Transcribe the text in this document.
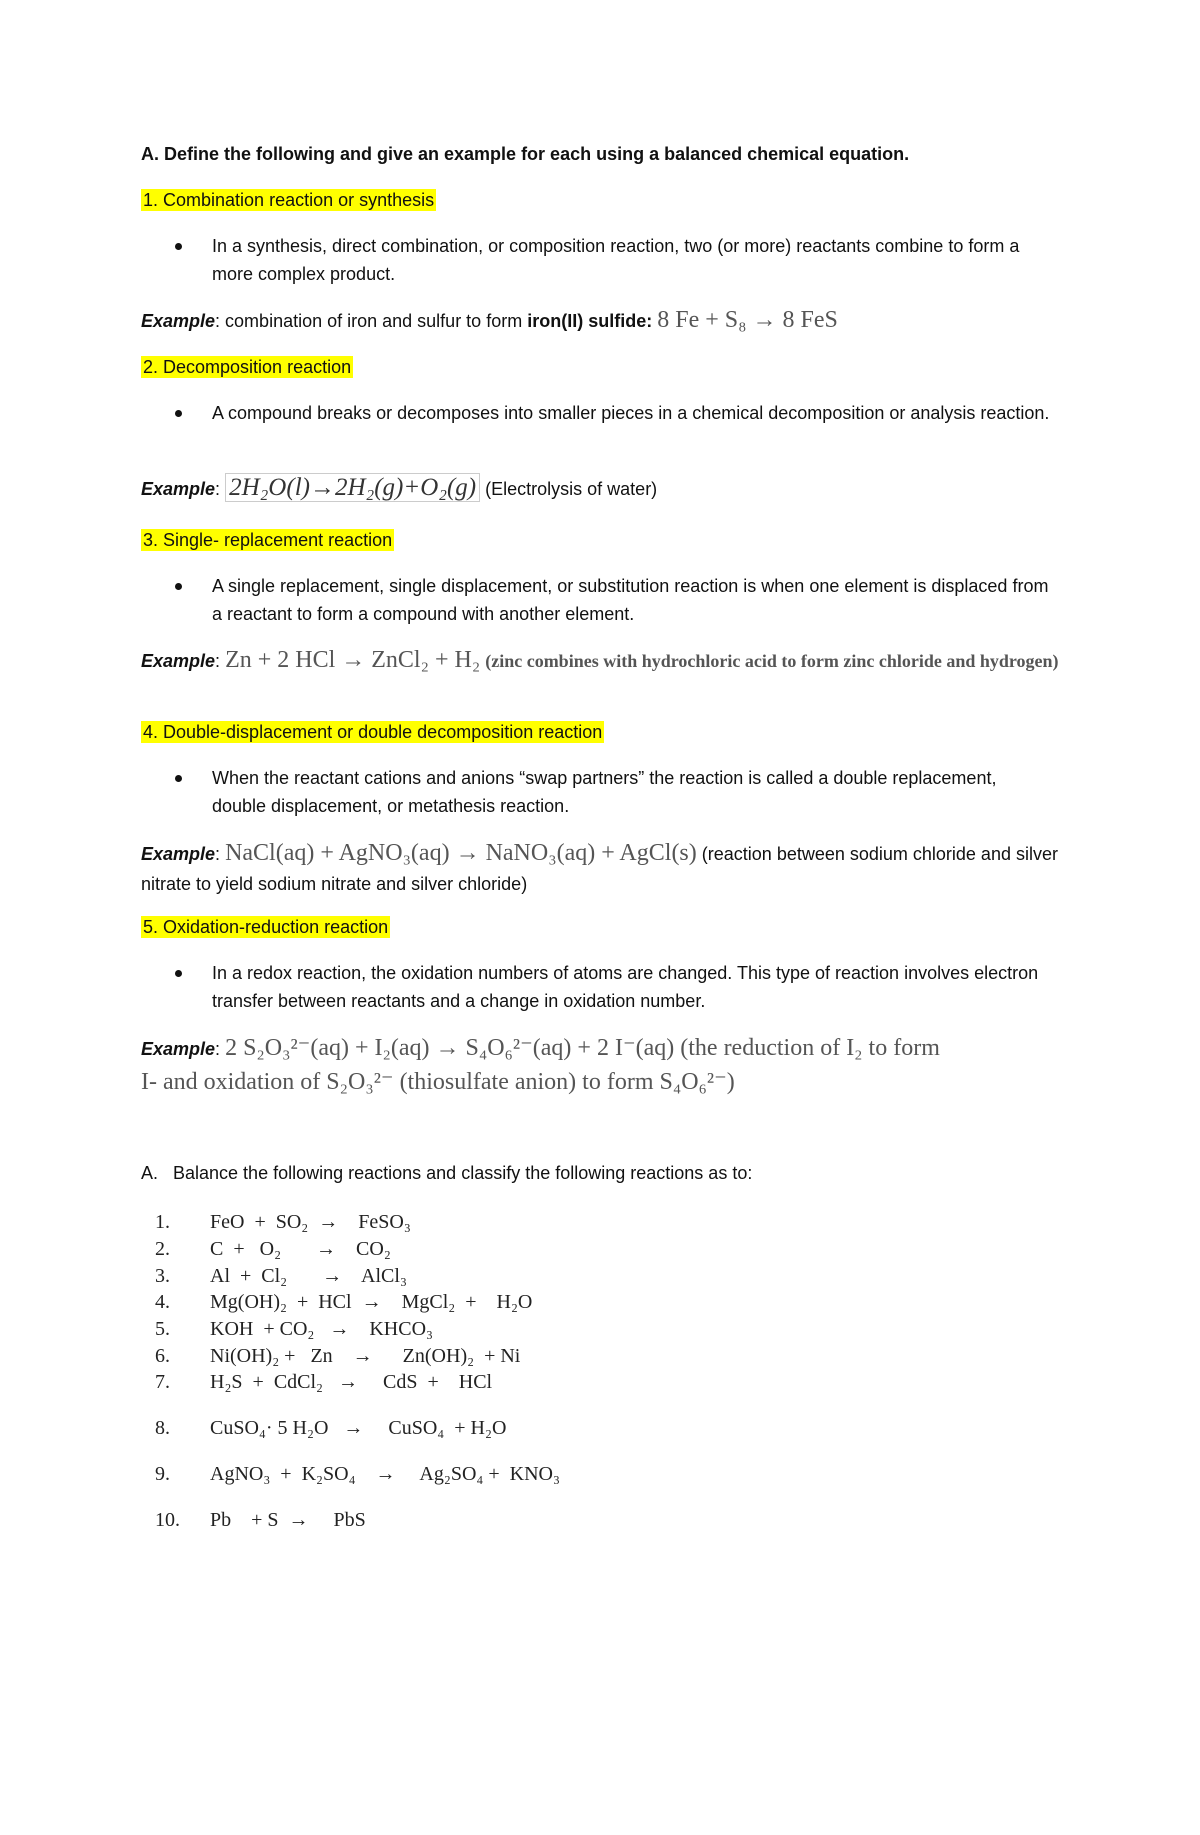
A. Define the following and give an example for each using a balanced chemical equation.
1. Combination reaction or synthesis
In a synthesis, direct combination, or composition reaction, two (or more) reactants combine to form a more complex product.
Example: combination of iron and sulfur to form iron(II) sulfide: 8 Fe + S₈ → 8 FeS
2. Decomposition reaction
A compound breaks or decomposes into smaller pieces in a chemical decomposition or analysis reaction.
Example: 2H₂O(l)→2H₂(g)+O₂(g) (Electrolysis of water)
3. Single- replacement reaction
A single replacement, single displacement, or substitution reaction is when one element is displaced from a reactant to form a compound with another element.
Example: Zn + 2 HCl → ZnCl₂ + H₂ (zinc combines with hydrochloric acid to form zinc chloride and hydrogen)
4. Double-displacement or double decomposition reaction
When the reactant cations and anions “swap partners” the reaction is called a double replacement, double displacement, or metathesis reaction.
Example: NaCl(aq) + AgNO₃(aq) → NaNO₃(aq) + AgCl(s) (reaction between sodium chloride and silver nitrate to yield sodium nitrate and silver chloride)
5. Oxidation-reduction reaction
In a redox reaction, the oxidation numbers of atoms are changed. This type of reaction involves electron transfer between reactants and a change in oxidation number.
Example: 2 S₂O₃²⁻(aq) + I₂(aq) → S₄O₆²⁻(aq) + 2 I⁻(aq) (the reduction of I₂ to form I- and oxidation of S₂O₃²⁻ (thiosulfate anion) to form S₄O₆²⁻)
A.   Balance the following reactions and classify the following reactions as to:
1. FeO  +  SO₂  →    FeSO₃
2. C  +   O₂       →    CO₂
3. Al  +  Cl₂       →    AlCl₃
4. Mg(OH)₂  +  HCl  →    MgCl₂  +    H₂O
5. KOH  + CO₂   →    KHCO₃
6. Ni(OH)₂ +   Zn    →      Zn(OH)₂  + Ni
7. H₂S  +  CdCl₂   →     CdS  +    HCl
8. CuSO₄· 5 H₂O   →     CuSO₄  + H₂O
9. AgNO₃  +  K₂SO₄    →     Ag₂SO₄ +  KNO₃
10. Pb    + S  →     PbS
